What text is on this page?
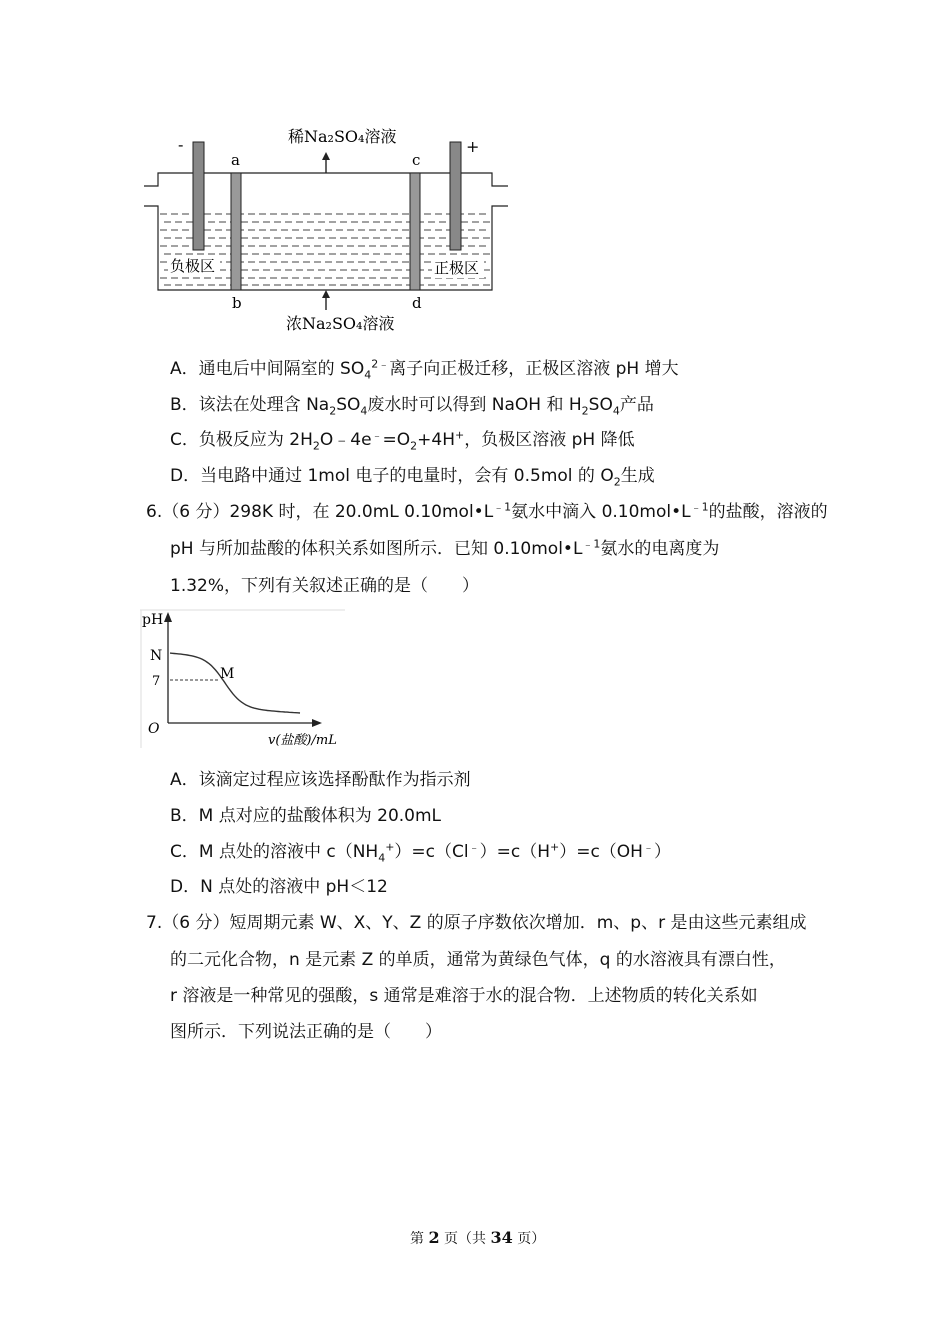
稀Na₂SO₄溶液
-	+
a
b
c
d
负极区	正极区
浓Na₂SO₄溶液
A．通电后中间隔室的 $SO_4^{2﹣}$离子向正极迁移，正极区溶液 pH 增大
B．该法在处理含 $Na_2SO_4$废水时可以得到 NaOH 和 $H_2SO_4$产品
C．负极反应为 $2H_2O﹣4e^﹣=O_2+4H^+$，负极区溶液 pH 降低
D．当电路中通过 1mol 电子的电量时，会有 0.5mol 的 $O_2$生成
6.（6 分）298K 时，在 20.0mL $0.10mol•L^{﹣1}$氨水中滴入 $0.10mol•L^{﹣1}$的盐酸，溶液的
pH 与所加盐酸的体积关系如图所示．已知 $0.10mol•L^{﹣1}$氨水的电离度为
1.32%，下列有关叙述正确的是（　　）
pH
N
7
O
v(盐酸)/mL
M
A．该滴定过程应该选择酚酞作为指示剂
B．M 点对应的盐酸体积为 20.0mL
C．M 点处的溶液中 $c(NH_4^+)=c(Cl^﹣)=c(H^+)=c(OH^﹣)$
D．N 点处的溶液中 pH＜12
7.（6 分）短周期元素 W、X、Y、Z 的原子序数依次增加．m、p、r 是由这些元素组成
的二元化合物，n 是元素 Z 的单质，通常为黄绿色气体，q 的水溶液具有漂白性，
r 溶液是一种常见的强酸，s 通常是难溶于水的混合物．上述物质的转化关系如
图所示．下列说法正确的是（　　）
第 2 页（共 34 页）
